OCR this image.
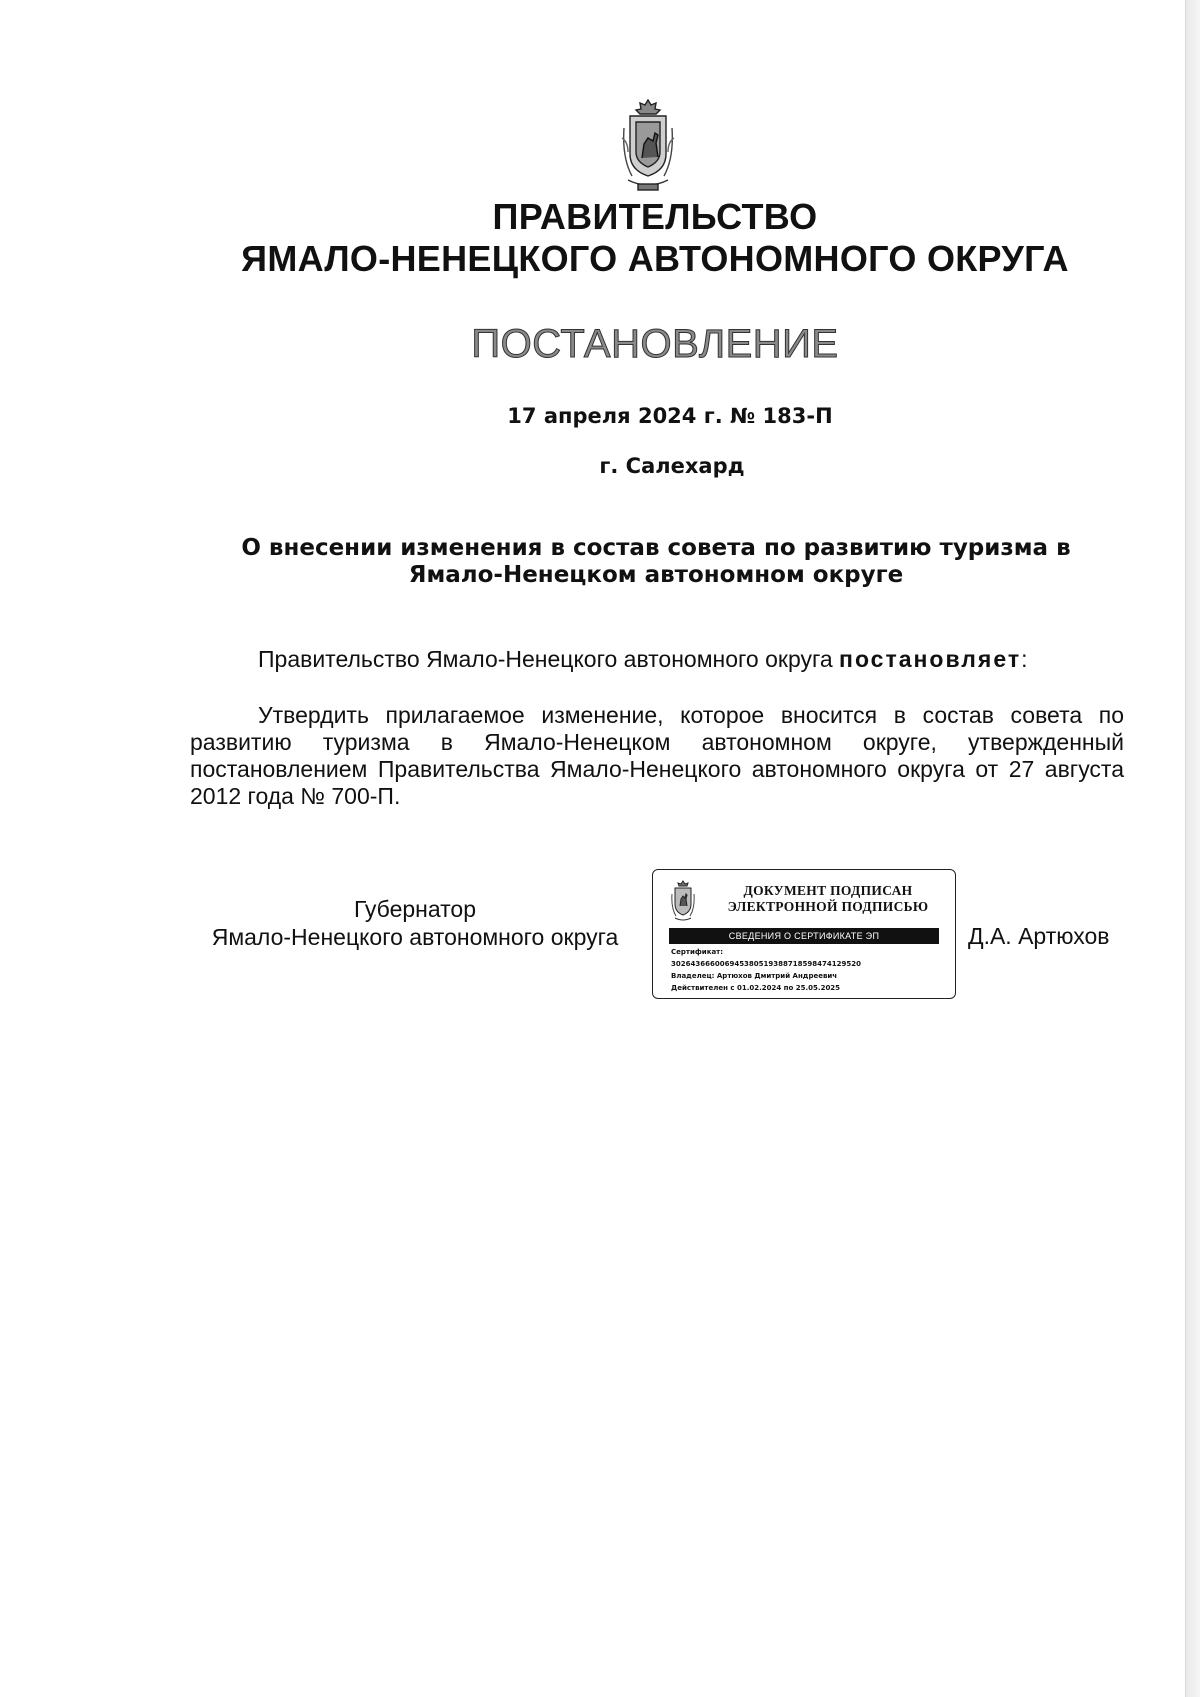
ПРАВИТЕЛЬСТВО
ЯМАЛО-НЕНЕЦКОГО АВТОНОМНОГО ОКРУГА
ПОСТАНОВЛЕНИЕ
17 апреля 2024 г. № 183-П
г. Салехард
О внесении изменения в состав совета по развитию туризма в
Ямало-Ненецком автономном округе
Правительство Ямало-Ненецкого автономного округа постановляет:
Утвердить прилагаемое изменение, которое вносится в состав совета по развитию туризма в Ямало-Ненецком автономном округе, утвержденный постановлением Правительства Ямало-Ненецкого автономного округа от 27 августа 2012 года № 700-П.
Губернатор
Ямало-Ненецкого автономного округа
ДОКУМЕНТ ПОДПИСАН
ЭЛЕКТРОННОЙ ПОДПИСЬЮ
СВЕДЕНИЯ О СЕРТИФИКАТЕ ЭП
Сертификат:
302643666006945380519388718598474129520
Владелец: Артюхов Дмитрий Андреевич
Действителен с 01.02.2024 по 25.05.2025
Д.А. Артюхов
